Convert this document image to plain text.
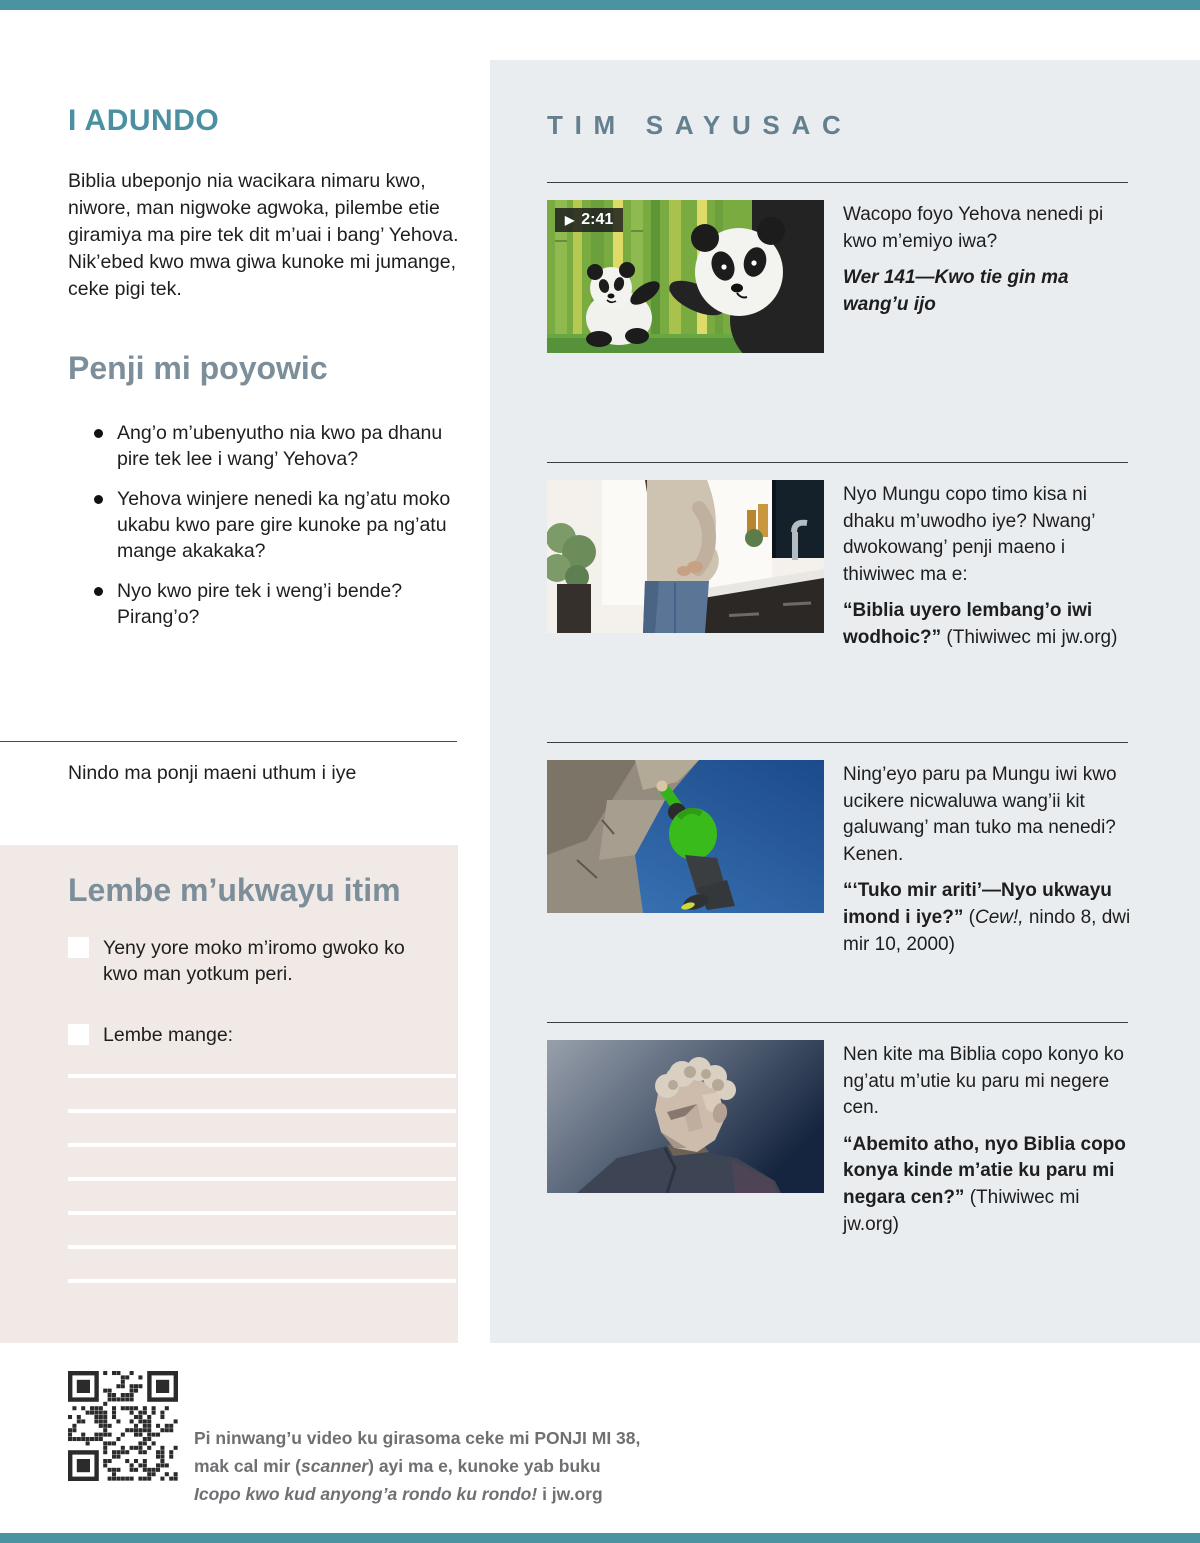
I ADUNDO
Biblia ubeponjo nia wacikara nimaru kwo, niwore, man nigwoke agwoka, pilembe etie giramiya ma pire tek dit m’uai i bang’ Yehova. Nik’ebed kwo mwa giwa kunoke mi jumange, ceke pigi tek.
Penji mi poyowic
Ang’o m’ubenyutho nia kwo pa dhanu pire tek lee i wang’ Yehova?
Yehova winjere nenedi ka ng’atu moko ukabu kwo pare gire kunoke pa ng’atu mange akakaka?
Nyo kwo pire tek i weng’i bende? Pirang’o?
Nindo ma ponji maeni uthum i iye
Lembe m’ukwayu itim
Yeny yore moko m’iromo gwoko ko kwo man yotkum peri.
Lembe mange:
TIM SAYUSAC
▶ 2:41	Wacopo foyo Yehova nenedi pi kwo m’emiyo iwa?

Wer 141—Kwo tie gin ma wang’u ijo

Nyo Mungu copo timo kisa ni dhaku m’uwodho iye? Nwang’ dwokowang’ penji maeno i thiwiwec ma e:

“Biblia uyero lembang’o iwi wodhoic?” (Thiwiwec mi jw.org)

Ning’eyo paru pa Mungu iwi kwo ucikere nicwaluwa wang’ii kit galuwang’ man tuko ma nenedi? Kenen.

“‘Tuko mir ariti’—Nyo ukwayu imond i iye?” (Cew!, nindo 8, dwi mir 10, 2000)

Nen kite ma Biblia copo konyo ko ng’atu m’utie ku paru mi negere cen.

“Abemito atho, nyo Biblia copo konya kinde m’atie ku paru mi negara cen?” (Thiwiwec mi jw.org)

Pi ninwang’u video ku girasoma ceke mi PONJI MI 38,

mak cal mir (scanner) ayi ma e, kunoke yab buku

Icopo kwo kud anyong’a rondo ku rondo! i jw.org
